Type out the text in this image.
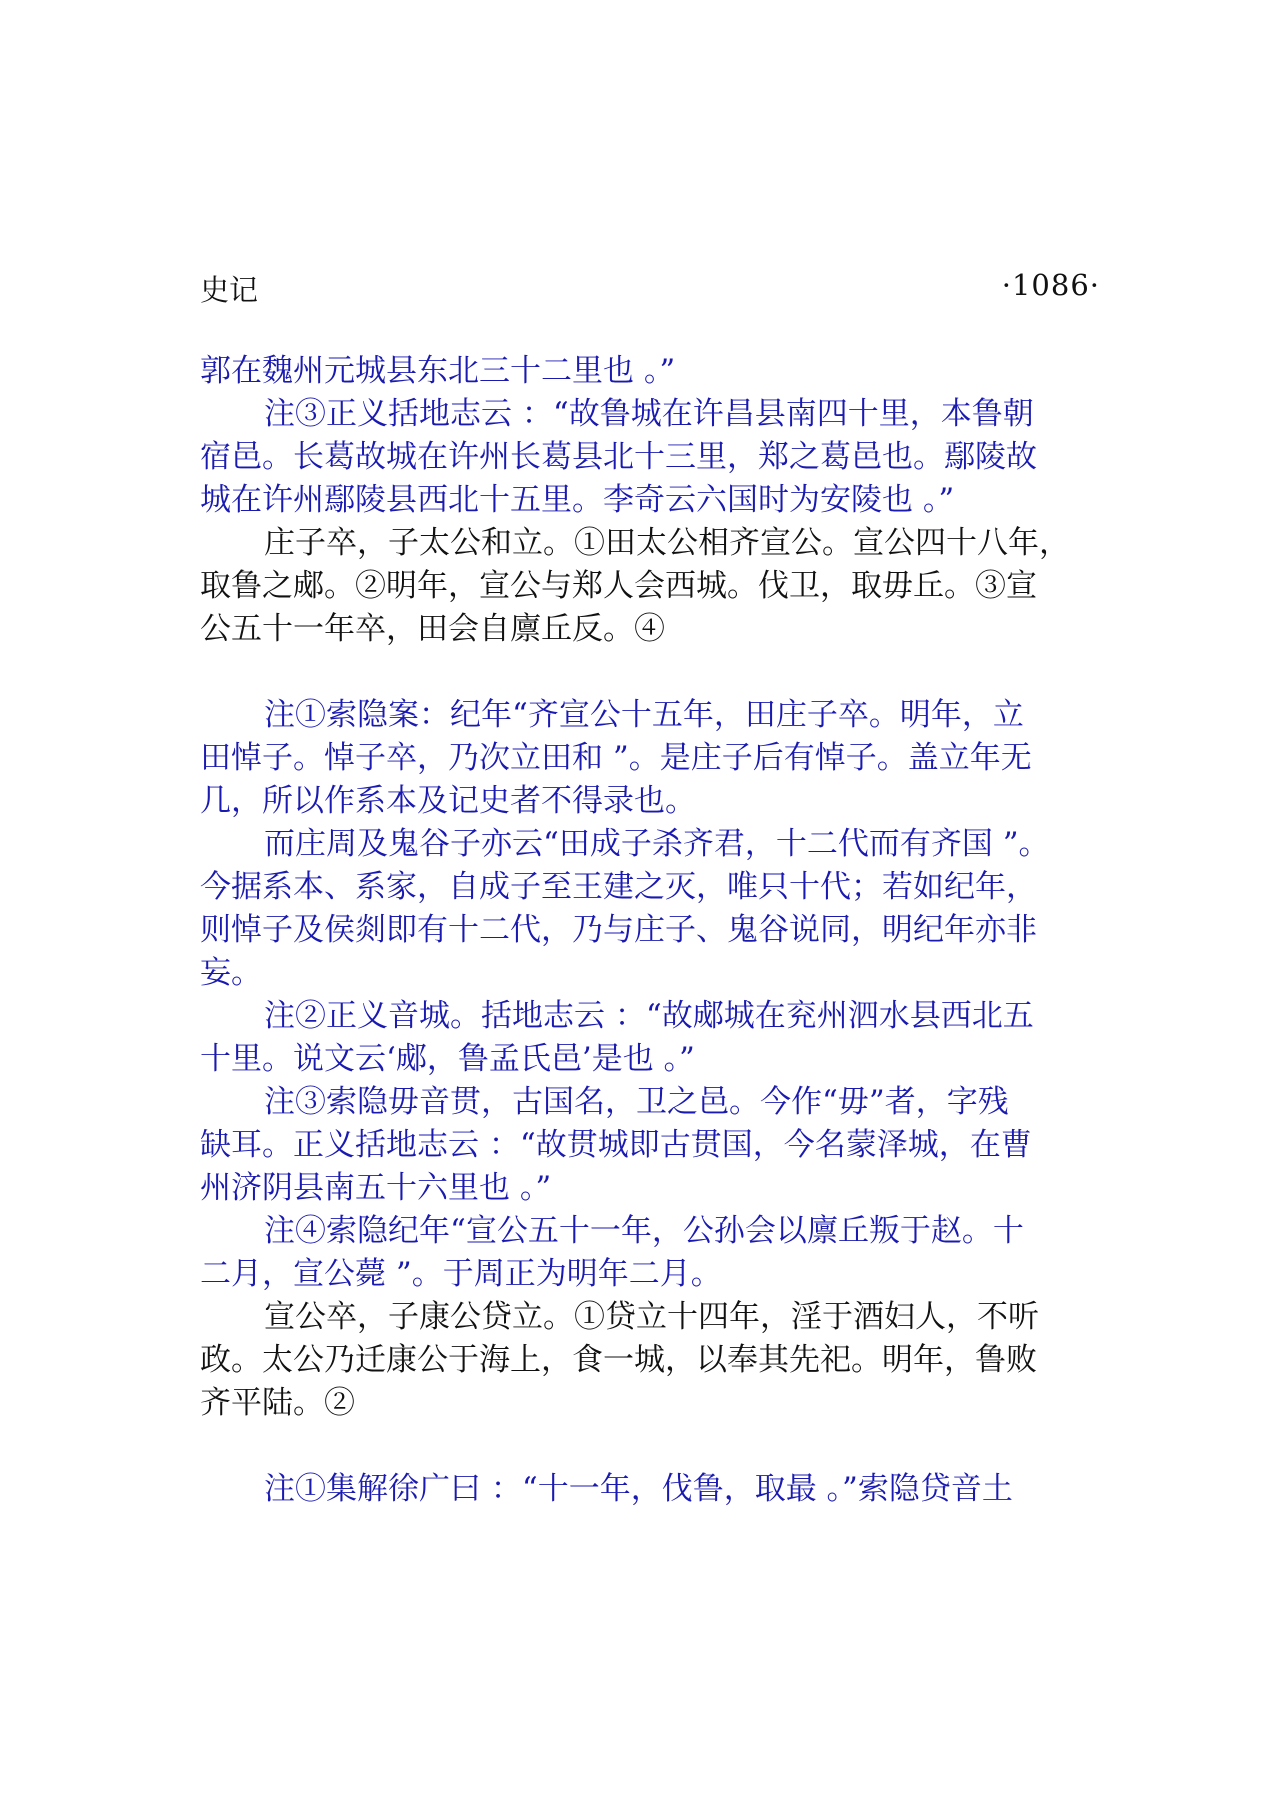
史记	·1086·
郭在魏州元城县东北三十二里也 。”
注③正义括地志云 ：“故鲁城在许昌县南四十里，本鲁朝
宿邑。长葛故城在许州长葛县北十三里，郑之葛邑也。鄢陵故
城在许州鄢陵县西北十五里。李奇云六国时为安陵也 。”
庄子卒，子太公和立。①田太公相齐宣公。宣公四十八年，
取鲁之郕。②明年，宣公与郑人会西城。伐卫，取毋丘。③宣
公五十一年卒，田会自廪丘反。④
注①索隐案：纪年“齐宣公十五年，田庄子卒。明年，立
田悼子。悼子卒，乃次立田和 ”。是庄子后有悼子。盖立年无
几，所以作系本及记史者不得录也。
而庄周及鬼谷子亦云“田成子杀齐君，十二代而有齐国 ”。
今据系本、系家，自成子至王建之灭，唯只十代；若如纪年，
则悼子及侯剡即有十二代，乃与庄子、鬼谷说同，明纪年亦非
妄。
注②正义音城。括地志云 ：“故郕城在兖州泗水县西北五
十里。说文云‘郕，鲁孟氏邑’是也 。”
注③索隐毋音贯，古国名，卫之邑。今作“毋”者，字残
缺耳。正义括地志云 ：“故贯城即古贯国，今名蒙泽城，在曹
州济阴县南五十六里也 。”
注④索隐纪年“宣公五十一年，公孙会以廪丘叛于赵。十
二月，宣公薨 ”。于周正为明年二月。
宣公卒，子康公贷立。①贷立十四年，淫于酒妇人，不听
政。太公乃迁康公于海上，食一城，以奉其先祀。明年，鲁败
齐平陆。②
注①集解徐广曰 ：“十一年，伐鲁，取最 。”索隐贷音土
